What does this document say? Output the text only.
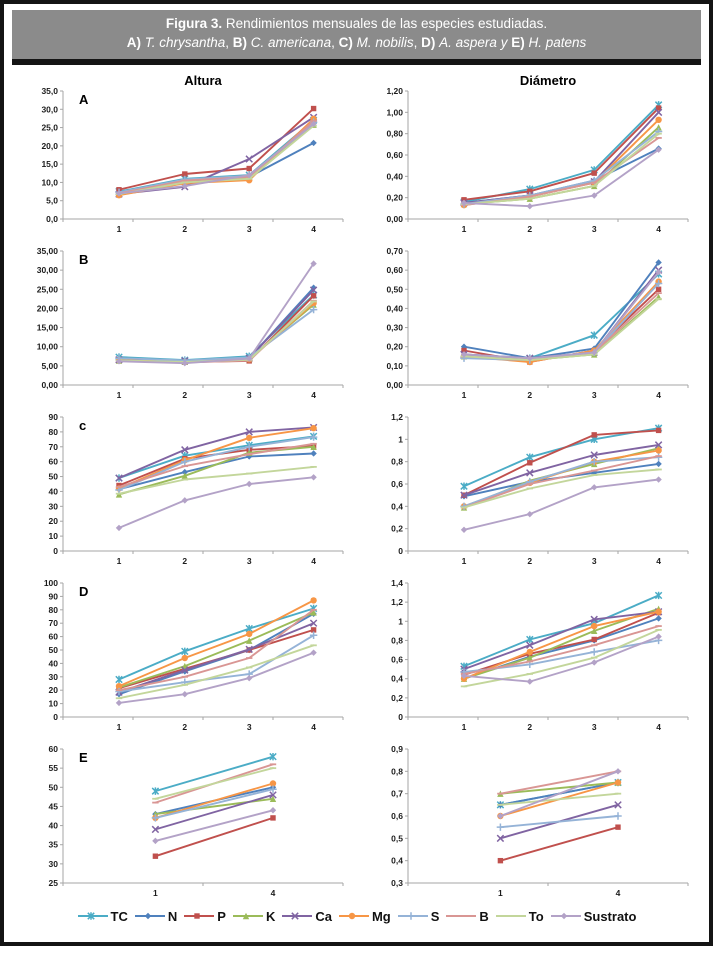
Figura 3. Rendimientos mensuales de las especies estudiadas.
A) T. chrysantha, B) C. americana, C) M. nobilis, D) A. aspera y E) H. patens
35,0
30,0
25,0
20,0
15,0
10,0
5,0
0,0
1	2	3	4
Altura
A
1,20
1,00
0,80
0,60
0,40
0,20
0,00
1	2	3	4
Diámetro
35,00
30,00
25,00
20,00
15,00
10,00
5,00
0,00
1	2	3	4
B
0,70
0,60
0,50
0,40
0,30
0,20
0,10
0,00
1	2	3	4
90
80
70
60
50
40
30
20
10
0
1	2	3	4
c
1,2
1
0,8
0,6
0,4
0,2
0
1	2	3	4
100
90
80
70
60
50
40
30
20
10
0
1	2	3	4
D
1,4
1,2
1
0,8
0,6
0,4
0,2
0
1	2	3	4
60
55
50
45
40
35
30
25
1	4
E
0,9
0,8
0,7
0,6
0,5
0,4
0,3
1	4
TC	N	P	K	Ca	Mg	S	B	To	Sustrato
